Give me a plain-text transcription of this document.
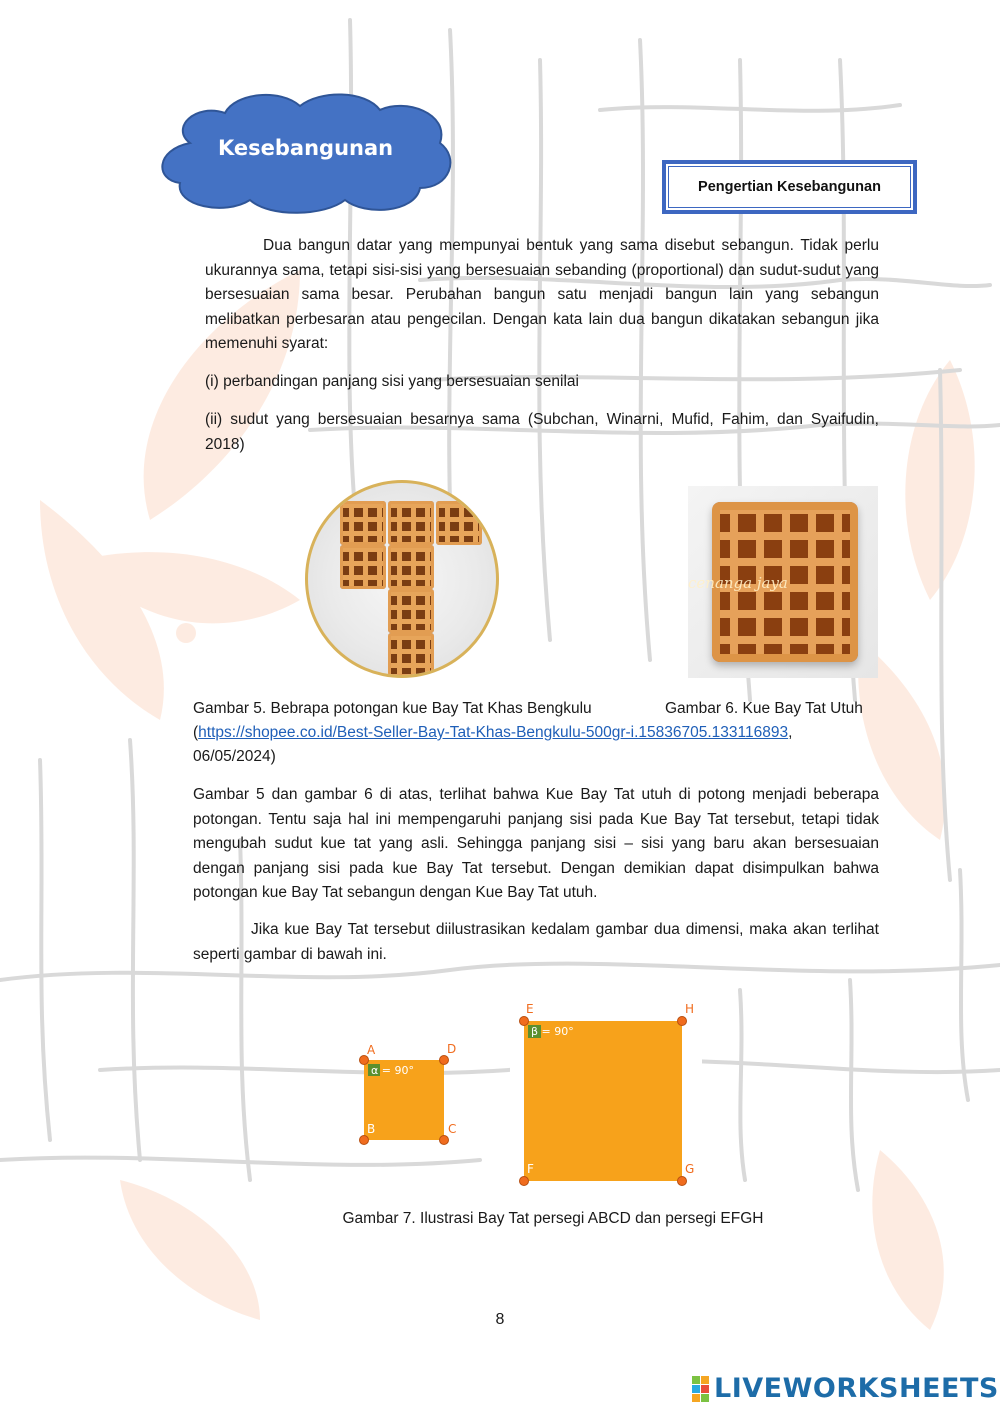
Kesebangunan
Pengertian Kesebangunan

Dua bangun datar yang mempunyai bentuk yang sama disebut sebangun. Tidak perlu ukurannya sama, tetapi sisi-sisi yang bersesuaian sebanding (proportional) dan sudut-sudut yang bersesuaian sama besar. Perubahan bangun satu menjadi bangun lain yang sebangun melibatkan perbesaran atau pengecilan. Dengan kata lain dua bangun dikatakan sebangun jika memenuhi syarat:

(i) perbandingan panjang sisi yang bersesuaian senilai

(ii) sudut yang bersesuaian besarnya sama (Subchan, Winarni, Mufid, Fahim, dan Syaifudin, 2018)

cenanga jaya
Gambar 5. Bebrapa potongan kue Bay Tat Khas Bengkulu	Gambar 6. Kue Bay Tat Utuh
(https://shopee.co.id/Best-Seller-Bay-Tat-Khas-Bengkulu-500gr-i.15836705.133116893,
06/05/2024)

Gambar 5 dan gambar 6 di atas, terlihat bahwa Kue Bay Tat utuh di potong menjadi beberapa potongan. Tentu saja hal ini mempengaruhi panjang sisi pada Kue Bay Tat tersebut, tetapi tidak mengubah sudut kue tat yang asli. Sehingga panjang sisi – sisi yang baru akan bersesuaian dengan panjang sisi pada kue Bay Tat tersebut. Dengan demikian dapat disimpulkan bahwa potongan kue Bay Tat sebangun dengan Kue Bay Tat utuh.

Jika kue Bay Tat tersebut diilustrasikan kedalam gambar dua dimensi, maka akan terlihat seperti gambar di bawah ini.

α = 90°
A
B	C
D
β = 90°
E
F	G
H
Gambar 7. Ilustrasi Bay Tat persegi ABCD dan persegi EFGH
8
LIVEWORKSHEETS
